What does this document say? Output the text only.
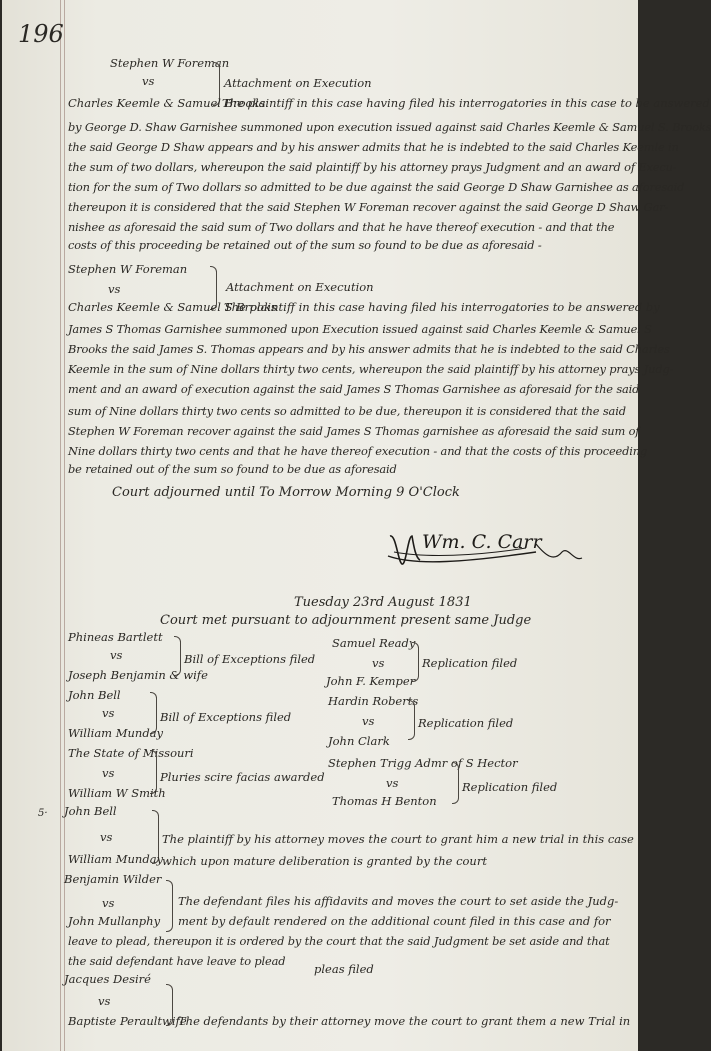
196
Stephen W Foreman
vs	Attachment on Execution
Charles Keemle & Samuel Brooks
The plaintiff in this case having filed his interrogatories in this case to be answered
by George D. Shaw Garnishee summoned upon execution issued against said Charles Keemle & Samuel S. Brooks
the said George D Shaw appears and by his answer admits that he is indebted to the said Charles Keemle in
the sum of two dollars, whereupon the said plaintiff by his attorney prays Judgment and an award of Execu-
tion for the sum of Two dollars so admitted to be due against the said George D Shaw Garnishee as aforesaid
thereupon it is considered that the said Stephen W Foreman recover against the said George D Shaw Gar-
nishee as aforesaid the said sum of Two dollars and that he have thereof execution - and that the
costs of this proceeding be retained out of the sum so found to be due as aforesaid -
Stephen W Foreman
vs	Attachment on Execution
Charles Keemle & Samuel S Brooks
The plaintiff in this case having filed his interrogatories to be answered by
James S Thomas Garnishee summoned upon Execution issued against said Charles Keemle & Samuel S
Brooks the said James S. Thomas appears and by his answer admits that he is indebted to the said Charles
Keemle in the sum of Nine dollars thirty two cents, whereupon the said plaintiff by his attorney prays Judg-
ment and an award of execution against the said James S Thomas Garnishee as aforesaid for the said
sum of Nine dollars thirty two cents so admitted to be due, thereupon it is considered that the said
Stephen W Foreman recover against the said James S Thomas garnishee as aforesaid the said sum of
Nine dollars thirty two cents and that he have thereof execution - and that the costs of this proceeding
be retained out of the sum so found to be due as aforesaid
Court adjourned until To Morrow Morning 9 O'Clock
Wm. C. Carr
Tuesday 23rd August 1831
Court met pursuant to adjournment present same Judge
Phineas Bartlett
vs	Bill of Exceptions filed
Joseph Benjamin & wife
John Bell
vs	Bill of Exceptions filed
William Munday
The State of Missouri
vs	Pluries scire facias awarded
William W Smith
Samuel Ready
vs	Replication filed
John F. Kemper
Hardin Roberts
vs	Replication filed
John Clark
Stephen Trigg Admr of S Hector
vs	Replication filed
Thomas H Benton
5· John Bell
vs	The plaintiff by his attorney moves the court to grant him a new trial in this case
William Munday
which upon mature deliberation is granted by the court
Benjamin Wilder
vs	The defendant files his affidavits and moves the court to set aside the Judg-
John Mullanphy ment by default rendered on the additional count filed in this case and for
leave to plead, thereupon it is ordered by the court that the said Judgment be set aside and that
the said defendant have leave to plead
pleas filed
Jacques Desiré
vs
Baptiste Peraultwife
The defendants by their attorney move the court to grant them a new Trial in
